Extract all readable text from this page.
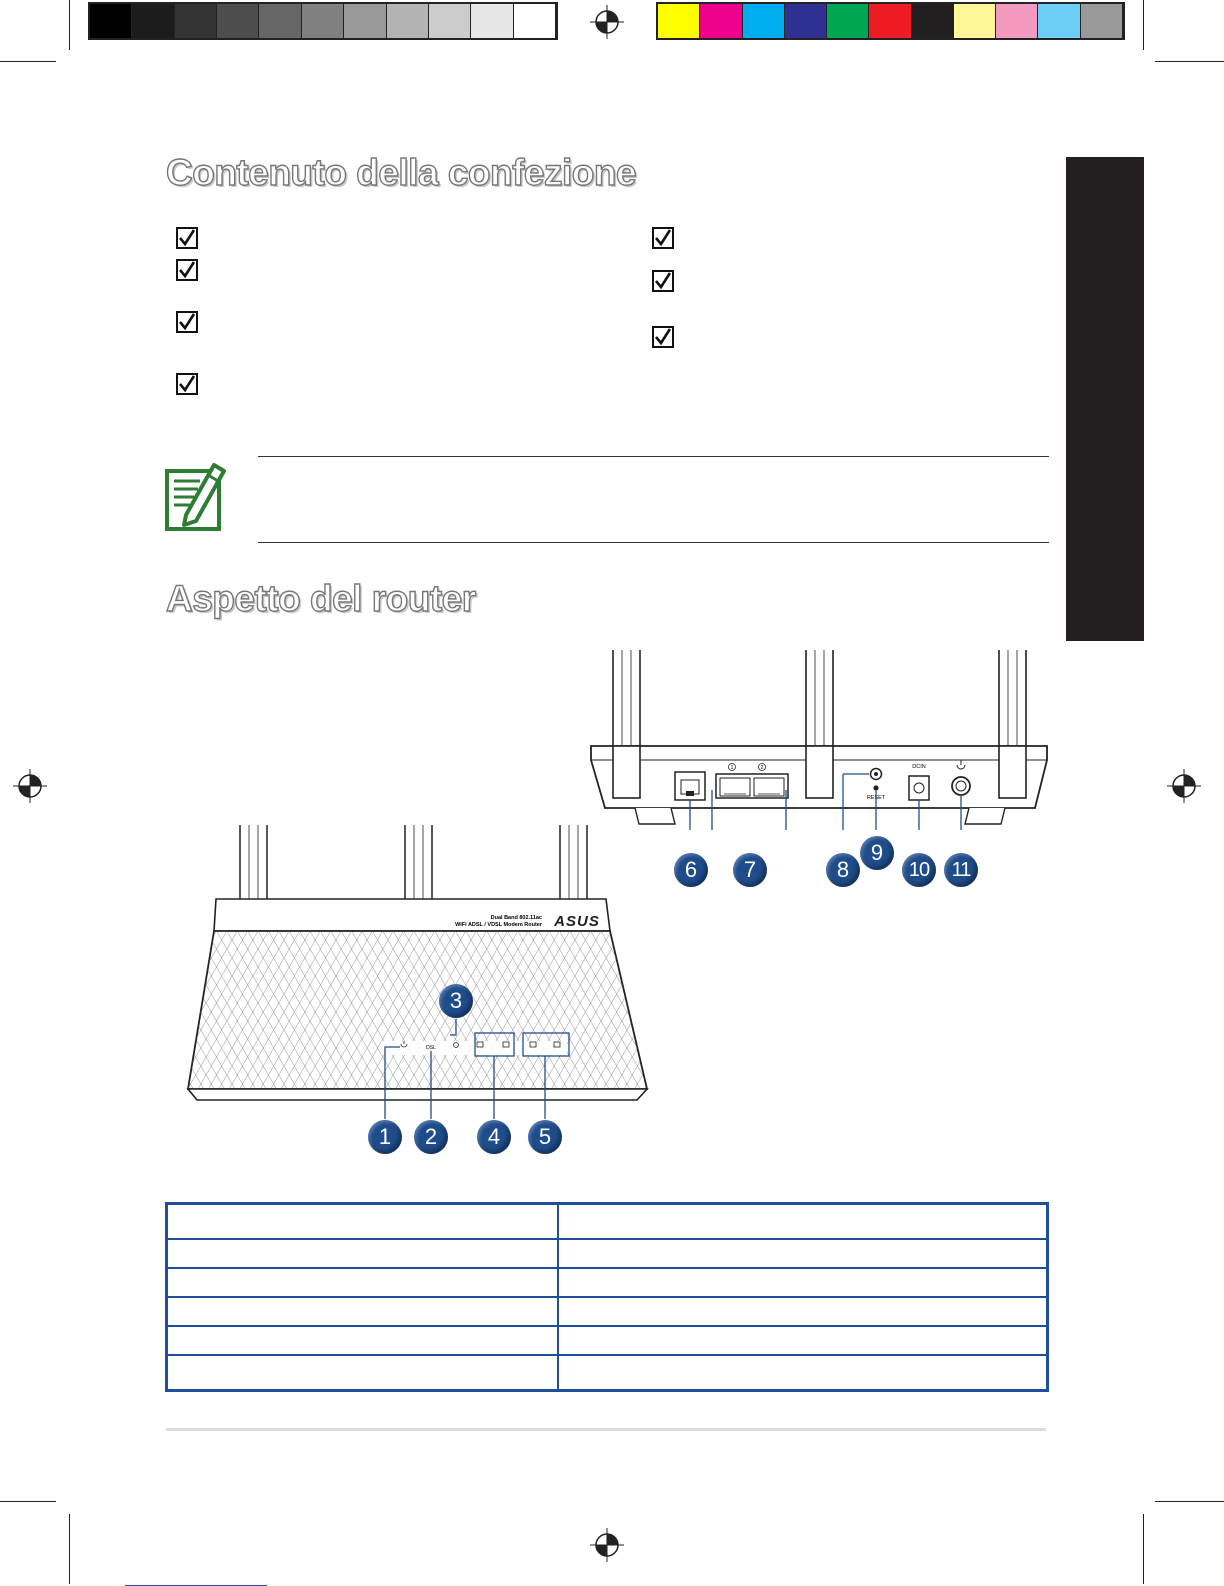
Contenuto della confezione
Aspetto del router
1	2
RESET
DCIN
Dual Band 802.11ac
WiFi ADSL / VDSL Modem Router ASUS
DSL
6	7	8
9
10	11
1	2
3
4	5
